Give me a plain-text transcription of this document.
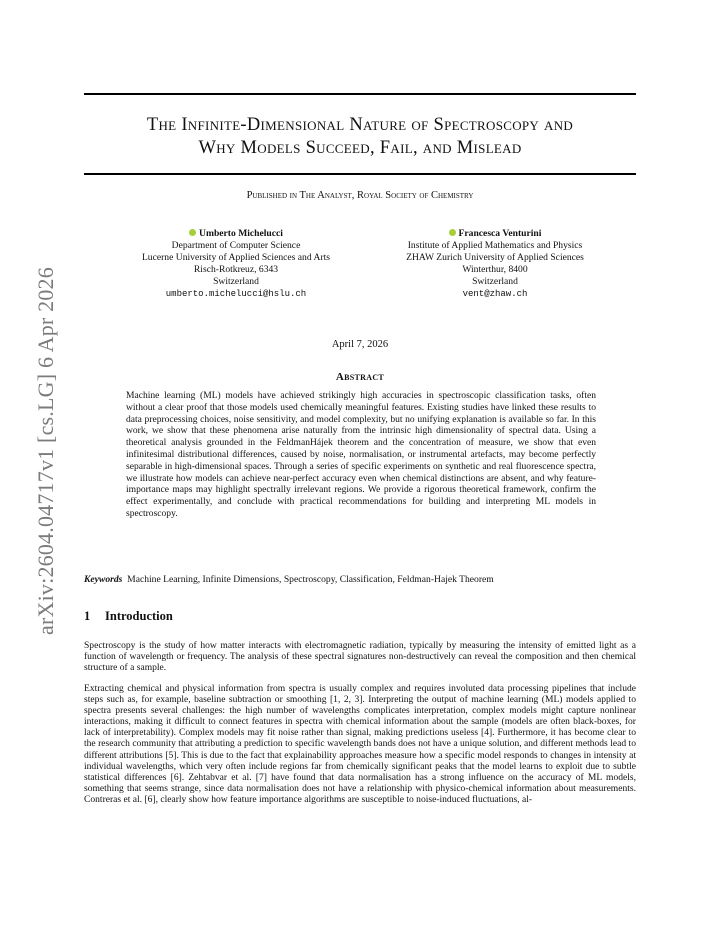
arXiv:2604.04717v1 [cs.LG] 6 Apr 2026
The Infinite-Dimensional Nature of Spectroscopy and
Why Models Succeed, Fail, and Mislead
Published in The Analyst, Royal Society of Chemistry
Umberto Michelucci
Department of Computer Science
Lucerne University of Applied Sciences and Arts
Risch-Rotkreuz, 6343
Switzerland
umberto.michelucci@hslu.ch
Francesca Venturini
Institute of Applied Mathematics and Physics
ZHAW Zurich University of Applied Sciences
Winterthur, 8400
Switzerland
vent@zhaw.ch
April 7, 2026
Abstract
Machine learning (ML) models have achieved strikingly high accuracies in spectroscopic classification tasks, often without a clear proof that those models used chemically meaningful features. Existing studies have linked these results to data preprocessing choices, noise sensitivity, and model complexity, but no unifying explanation is available so far. In this work, we show that these phenomena arise naturally from the intrinsic high dimensionality of spectral data. Using a theoretical analysis grounded in the FeldmanHájek theorem and the concentration of measure, we show that even infinitesimal distributional differences, caused by noise, normalisation, or instrumental artefacts, may become perfectly separable in high-dimensional spaces. Through a series of specific experiments on synthetic and real fluorescence spectra, we illustrate how models can achieve near-perfect accuracy even when chemical distinctions are absent, and why feature-importance maps may highlight spectrally irrelevant regions. We provide a rigorous theoretical framework, confirm the effect experimentally, and conclude with practical recommendations for building and interpreting ML models in spectroscopy.
Keywords Machine Learning, Infinite Dimensions, Spectroscopy, Classification, Feldman-Hajek Theorem
1 Introduction
Spectroscopy is the study of how matter interacts with electromagnetic radiation, typically by measuring the intensity of emitted light as a function of wavelength or frequency. The analysis of these spectral signatures non-destructively can reveal the composition and then chemical structure of a sample.
Extracting chemical and physical information from spectra is usually complex and requires involuted data processing pipelines that include steps such as, for example, baseline subtraction or smoothing [1, 2, 3]. Interpreting the output of machine learning (ML) models applied to spectra presents several challenges: the high number of wavelengths complicates interpretation, complex models might capture nonlinear interactions, making it difficult to connect features in spectra with chemical information about the sample (models are often black-boxes, for lack of interpretability). Complex models may fit noise rather than signal, making predictions useless [4]. Furthermore, it has become clear to the research community that attributing a prediction to specific wavelength bands does not have a unique solution, and different methods lead to different attributions [5]. This is due to the fact that explainability approaches measure how a specific model responds to changes in intensity at individual wavelengths, which very often include regions far from chemically significant peaks that the model learns to exploit due to subtle statistical differences [6]. Zehtabvar et al. [7] have found that data normalisation has a strong influence on the accuracy of ML models, something that seems strange, since data normalisation does not have a relationship with physico-chemical information about measurements. Contreras et al. [6], clearly show how feature importance algorithms are susceptible to noise-induced fluctuations, al-
